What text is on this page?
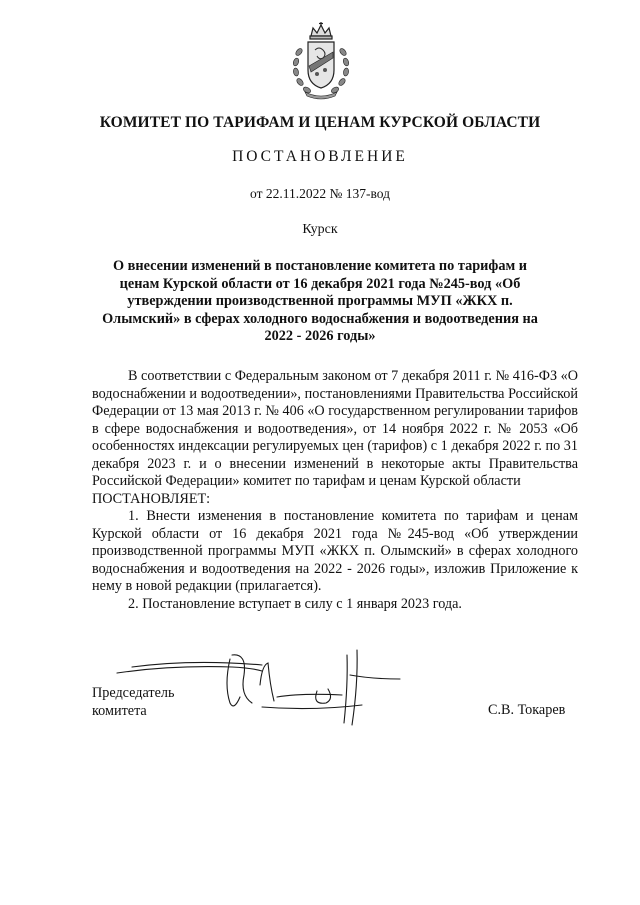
КОМИТЕТ ПО ТАРИФАМ И ЦЕНАМ КУРСКОЙ ОБЛАСТИ
ПОСТАНОВЛЕНИЕ
от 22.11.2022 № 137-вод
Курск
О внесении изменений в постановление комитета по тарифам и ценам Курской области от 16 декабря 2021 года №245-вод «Об утверждении производственной программы МУП «ЖКХ п. Олымский» в сферах холодного водоснабжения и водоотведения на 2022 - 2026 годы»

В соответствии с Федеральным законом от 7 декабря 2011 г. № 416-ФЗ «О водоснабжении и водоотведении», постановлениями Правительства Российской Федерации от 13 мая 2013 г. № 406 «О государственном регулировании тарифов в сфере водоснабжения и водоотведения», от 14 ноября 2022 г. № 2053 «Об особенностях индексации регулируемых цен (тарифов) с 1 декабря 2022 г. по 31 декабря 2023 г. и о внесении изменений в некоторые акты Правительства Российской Федерации» комитет по тарифам и ценам Курской области

ПОСТАНОВЛЯЕТ:

1. Внести изменения в постановление комитета по тарифам и ценам Курской области от 16 декабря 2021 года №245-вод «Об утверждении производственной программы МУП «ЖКХ п. Олымский» в сферах холодного водоснабжения и водоотведения на 2022 - 2026 годы», изложив Приложение к нему в новой редакции (прилагается).

2. Постановление вступает в силу с 1 января 2023 года.

Председатель
комитета	С.В. Токарев
